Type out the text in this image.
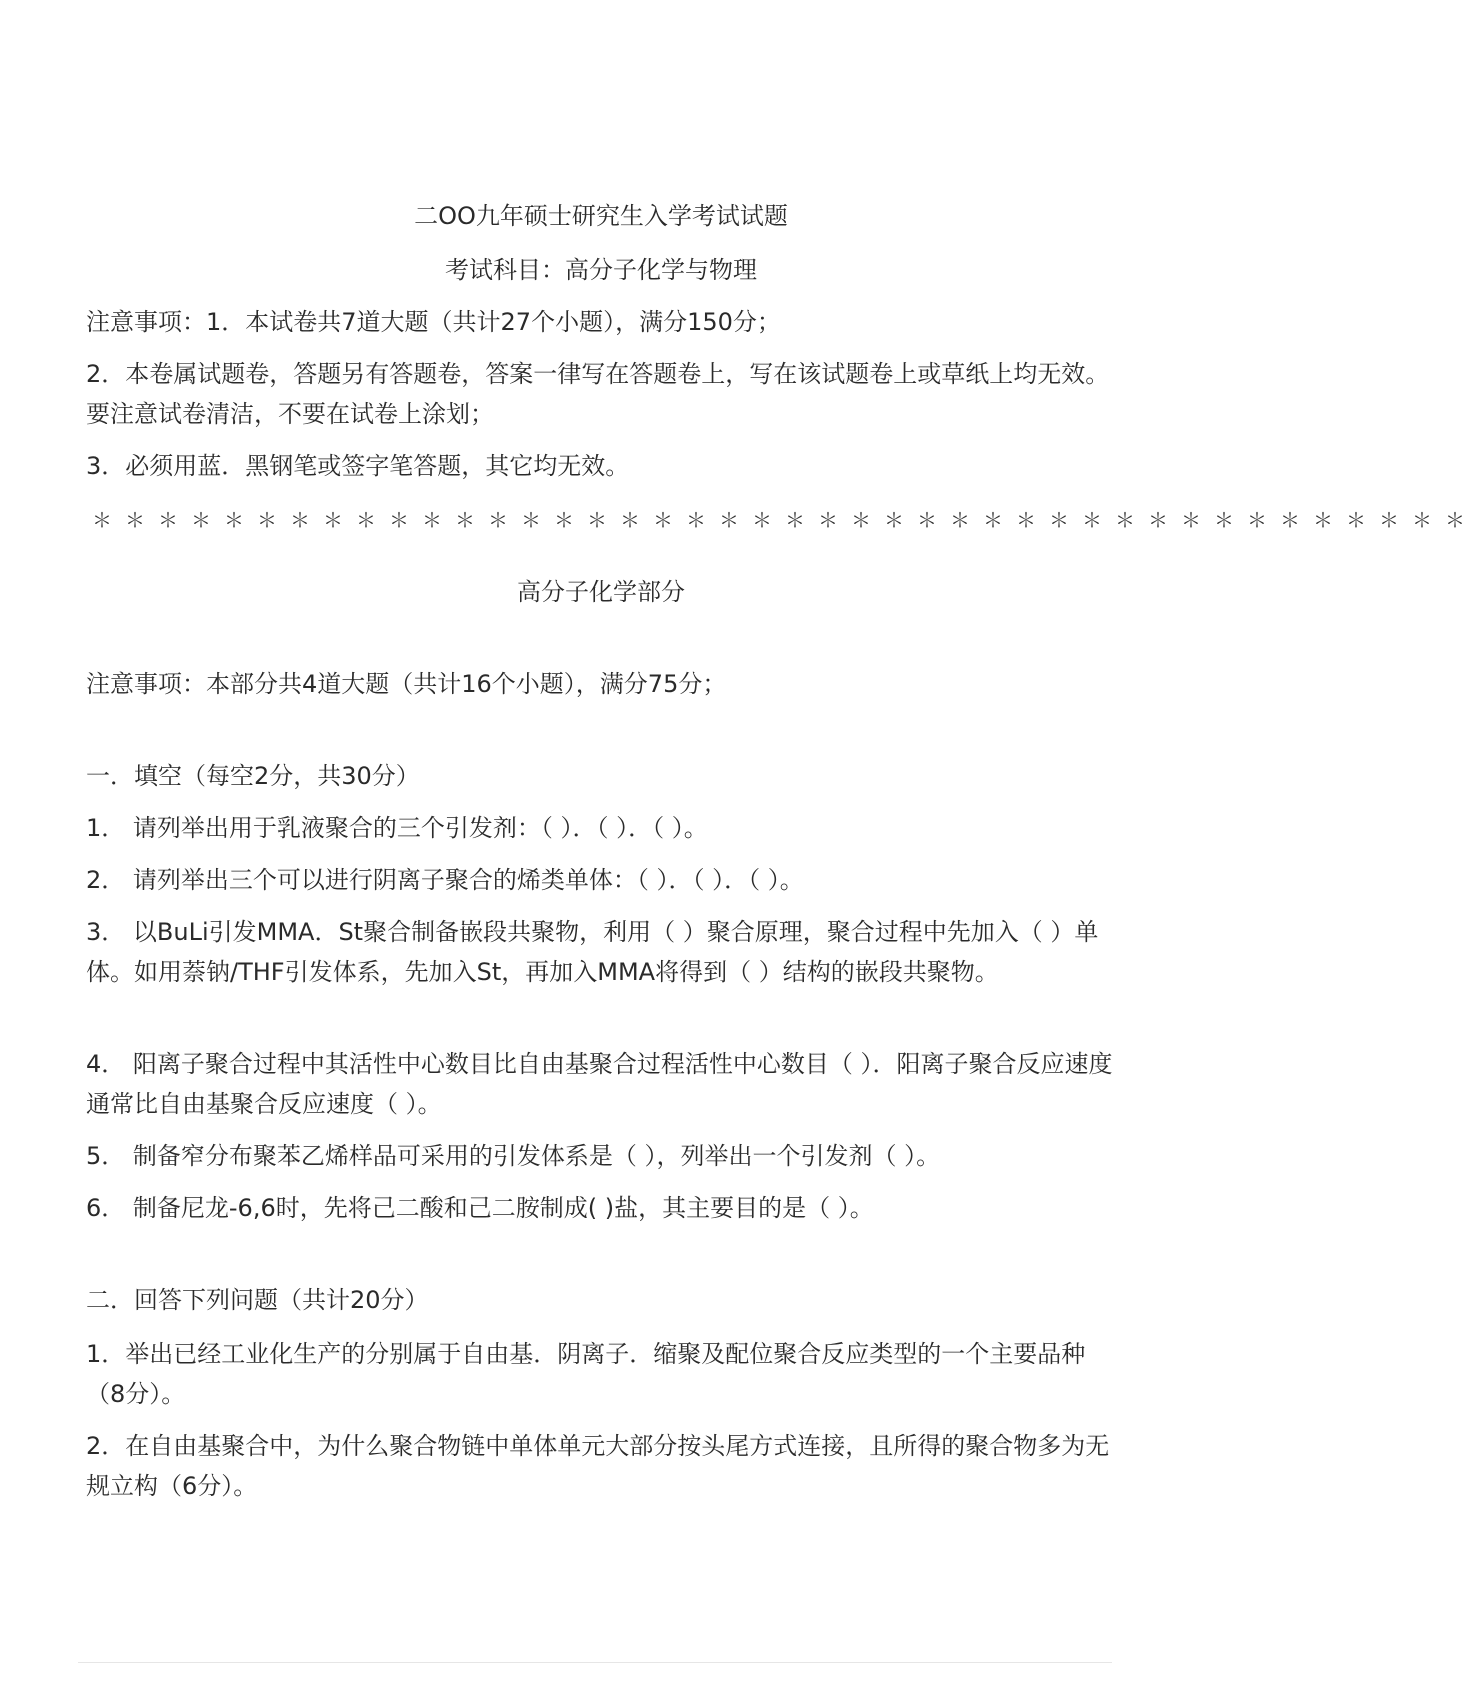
二OO九年硕士研究生入学考试试题
考试科目：高分子化学与物理
注意事项：1．本试卷共7道大题（共计27个小题），满分150分；
2．本卷属试题卷，答题另有答题卷，答案一律写在答题卷上，写在该试题卷上或草纸上均无效。要注意试卷清洁，不要在试卷上涂划；
3．必须用蓝．黑钢笔或签字笔答题，其它均无效。
＊＊＊＊＊＊＊＊＊＊＊＊＊＊＊＊＊＊＊＊＊＊＊＊＊＊＊＊＊＊＊＊＊＊＊＊＊＊＊＊＊＊
高分子化学部分
注意事项：本部分共4道大题（共计16个小题），满分75分；
一．填空（每空2分，共30分）
1． 请列举出用于乳液聚合的三个引发剂：（ ）．（ ）．（ ）。
2． 请列举出三个可以进行阴离子聚合的烯类单体：（ ）．（ ）．（ ）。
3． 以BuLi引发MMA．St聚合制备嵌段共聚物，利用（ ）聚合原理，聚合过程中先加入（ ）单体。如用萘钠/THF引发体系，先加入St，再加入MMA将得到（ ）结构的嵌段共聚物。
4． 阳离子聚合过程中其活性中心数目比自由基聚合过程活性中心数目（ ）．阳离子聚合反应速度通常比自由基聚合反应速度（ ）。
5． 制备窄分布聚苯乙烯样品可采用的引发体系是（ ），列举出一个引发剂（ ）。
6． 制备尼龙-6,6时，先将己二酸和己二胺制成( )盐，其主要目的是（ ）。
二．回答下列问题（共计20分）
1．举出已经工业化生产的分别属于自由基．阴离子．缩聚及配位聚合反应类型的一个主要品种（8分）。
2．在自由基聚合中，为什么聚合物链中单体单元大部分按头尾方式连接，且所得的聚合物多为无规立构（6分）。
